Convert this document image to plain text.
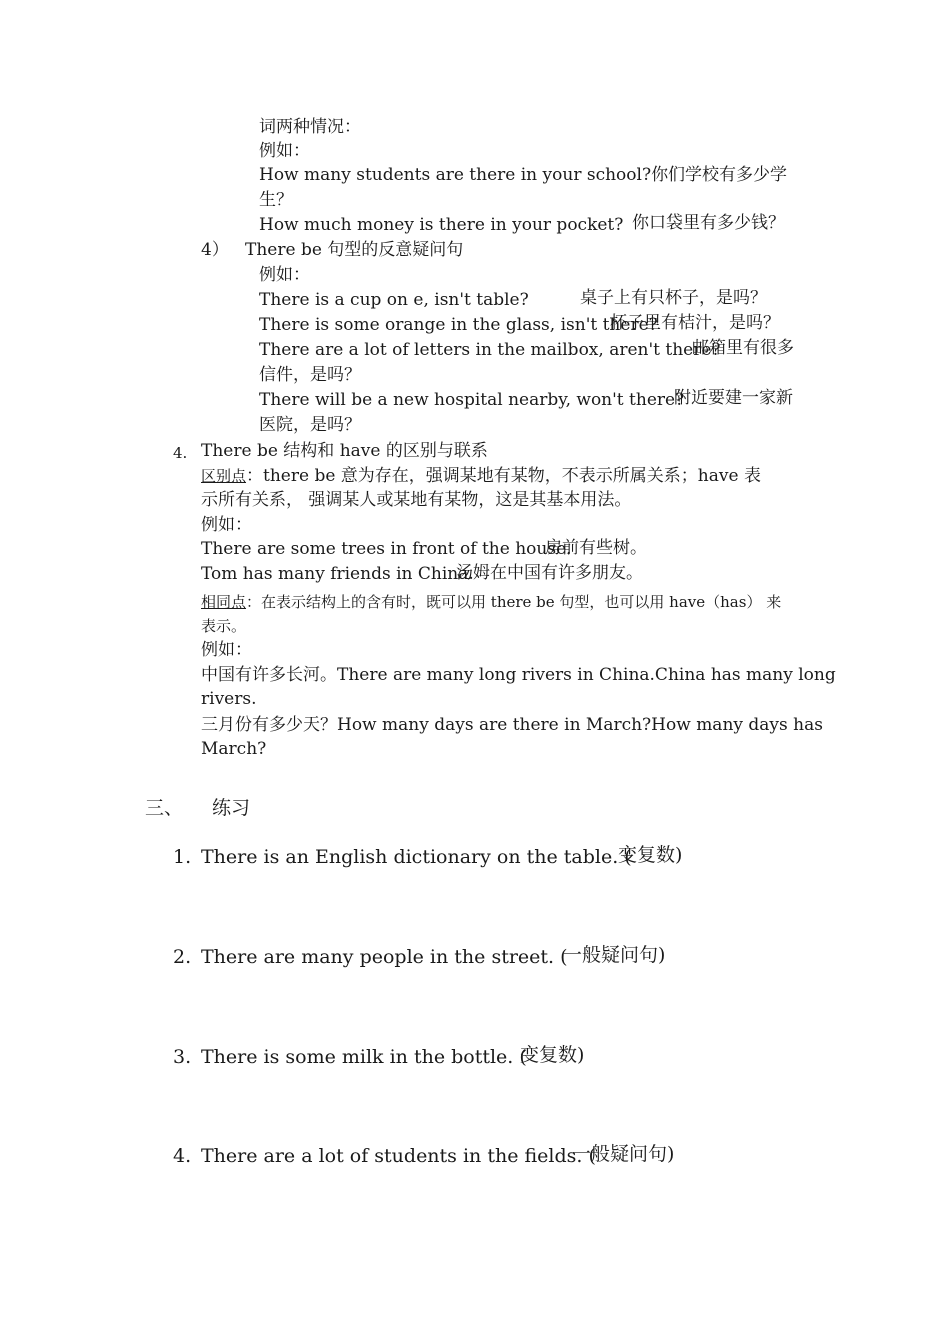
词两种情况：
例如：
How many students are there in your school?你们学校有多少学
生？
How much money is there in your pocket? 你口袋里有多少钱？
4） There be 句型的反意疑问句
例如：
There is a cup on e, isn't table?	桌子上有只杯子，是吗？
There is some orange in the glass, isn't there?
杯子里有桔汁，是吗？
There are a lot of letters in the mailbox, aren't there?
邮箱里有很多
信件，是吗？
There will be a new hospital nearby, won't there?
附近要建一家新
医院，是吗？
4. There be 结构和 have 的区别与联系
区别点：there be 意为存在，强调某地有某物，不表示所属关系；have 表
示所有关系， 强调某人或某地有某物，这是其基本用法。
例如：
There are some trees in front of the house.
房前有些树。
Tom has many friends in China.
汤姆在中国有许多朋友。
相同点：在表示结构上的含有时，既可以用 there be 句型，也可以用 have（has） 来
表示。
例如：
中国有许多长河。There are many long rivers in China.China has many long
rivers.
三月份有多少天？How many days are there in March?How many days has
March?
三、 练习
1. There is an English dictionary on the table. (
变复数)
2. There are many people in the street. (
一般疑问句)
3. There is some milk in the bottle. (
变复数)
4. There are a lot of students in the fields. (
一般疑问句)
